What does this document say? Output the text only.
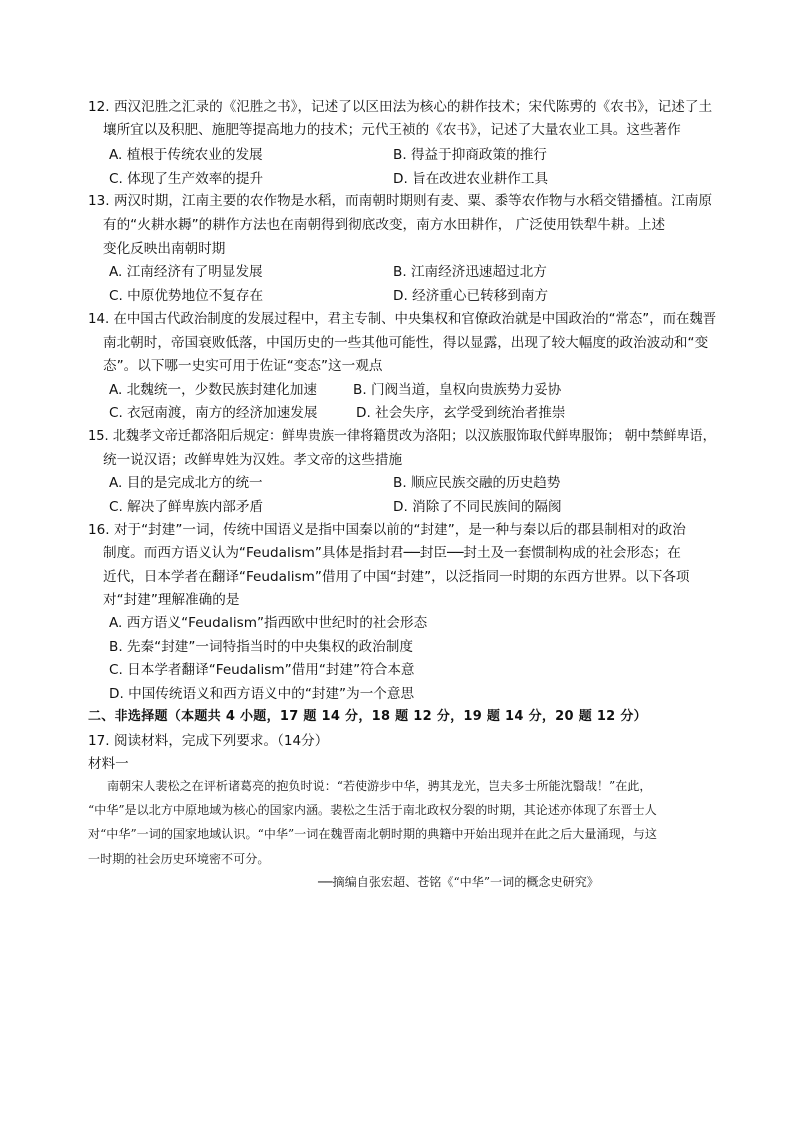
12. 西汉氾胜之汇录的《氾胜之书》，记述了以区田法为核心的耕作技术；宋代陈旉的《农书》，记述了土
壤所宜以及积肥、施肥等提高地力的技术；元代王祯的《农书》，记述了大量农业工具。这些著作
A. 植根于传统农业的发展	B. 得益于抑商政策的推行
C. 体现了生产效率的提升	D. 旨在改进农业耕作工具
13. 两汉时期，江南主要的农作物是水稻，而南朝时期则有麦、粟、黍等农作物与水稻交错播植。江南原
有的“火耕水耨”的耕作方法也在南朝得到彻底改变，南方水田耕作， 广泛使用铁犁牛耕。上述
变化反映出南朝时期
A. 江南经济有了明显发展	B. 江南经济迅速超过北方
C. 中原优势地位不复存在	D. 经济重心已转移到南方
14. 在中国古代政治制度的发展过程中，君主专制、中央集权和官僚政治就是中国政治的“常态”，而在魏晋
南北朝时，帝国衰败低落，中国历史的一些其他可能性，得以显露，出现了较大幅度的政治波动和“变
态”。以下哪一史实可用于佐证“变态”这一观点
A. 北魏统一，少数民族封建化加速	B. 门阀当道，皇权向贵族势力妥协
C. 衣冠南渡，南方的经济加速发展	D. 社会失序，玄学受到统治者推崇
15. 北魏孝文帝迁都洛阳后规定：鲜卑贵族一律将籍贯改为洛阳；以汉族服饰取代鲜卑服饰； 朝中禁鲜卑语，
统一说汉语；改鲜卑姓为汉姓。孝文帝的这些措施
A. 目的是完成北方的统一	B. 顺应民族交融的历史趋势
C. 解决了鲜卑族内部矛盾	D. 消除了不同民族间的隔阂
16. 对于“封建”一词，传统中国语义是指中国秦以前的“封建”，是一种与秦以后的郡县制相对的政治
制度。而西方语义认为“Feudalism”具体是指封君──封臣──封土及一套惯制构成的社会形态；在
近代，日本学者在翻译“Feudalism”借用了中国“封建”，以泛指同一时期的东西方世界。以下各项
对“封建”理解准确的是
A. 西方语义“Feudalism”指西欧中世纪时的社会形态
B. 先秦“封建”一词特指当时的中央集权的政治制度
C. 日本学者翻译“Feudalism”借用“封建”符合本意
D. 中国传统语义和西方语义中的“封建”为一个意思
二、非选择题（本题共 4 小题，17 题 14 分，18 题 12 分，19 题 14 分，20 题 12 分）
17. 阅读材料，完成下列要求。（14分）
材料一
南朝宋人裴松之在评析诸葛亮的抱负时说：“若使游步中华，骋其龙光，岂夫多士所能沈翳哉！”在此，
“中华”是以北方中原地域为核心的国家内涵。裴松之生活于南北政权分裂的时期，其论述亦体现了东晋士人
对“中华”一词的国家地域认识。“中华”一词在魏晋南北朝时期的典籍中开始出现并在此之后大量涌现，与这
一时期的社会历史环境密不可分。
──摘编自张宏超、苍铭《“中华”一词的概念史研究》
